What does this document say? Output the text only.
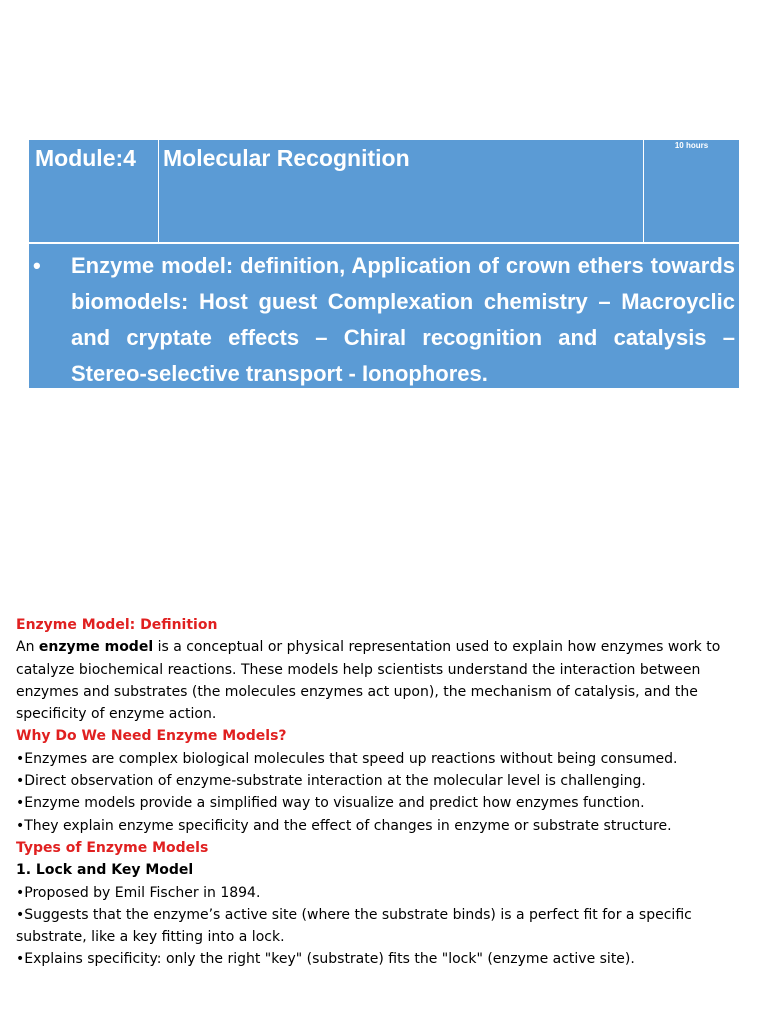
Module:4	Molecular Recognition	10 hours
•	Enzyme model: definition, Application of crown ethers towards biomodels: Host guest Complexation chemistry – Macroyclic and cryptate effects – Chiral recognition and catalysis – Stereo-selective transport - Ionophores.

Enzyme Model: Definition

An enzyme model is a conceptual or physical representation used to explain how enzymes work to catalyze biochemical reactions. These models help scientists understand the interaction between enzymes and substrates (the molecules enzymes act upon), the mechanism of catalysis, and the specificity of enzyme action.

Why Do We Need Enzyme Models?

•Enzymes are complex biological molecules that speed up reactions without being consumed.

•Direct observation of enzyme-substrate interaction at the molecular level is challenging.

•Enzyme models provide a simplified way to visualize and predict how enzymes function.

•They explain enzyme specificity and the effect of changes in enzyme or substrate structure.

Types of Enzyme Models

1. Lock and Key Model

•Proposed by Emil Fischer in 1894.

•Suggests that the enzyme’s active site (where the substrate binds) is a perfect fit for a specific substrate, like a key fitting into a lock.

•Explains specificity: only the right "key" (substrate) fits the "lock" (enzyme active site).
